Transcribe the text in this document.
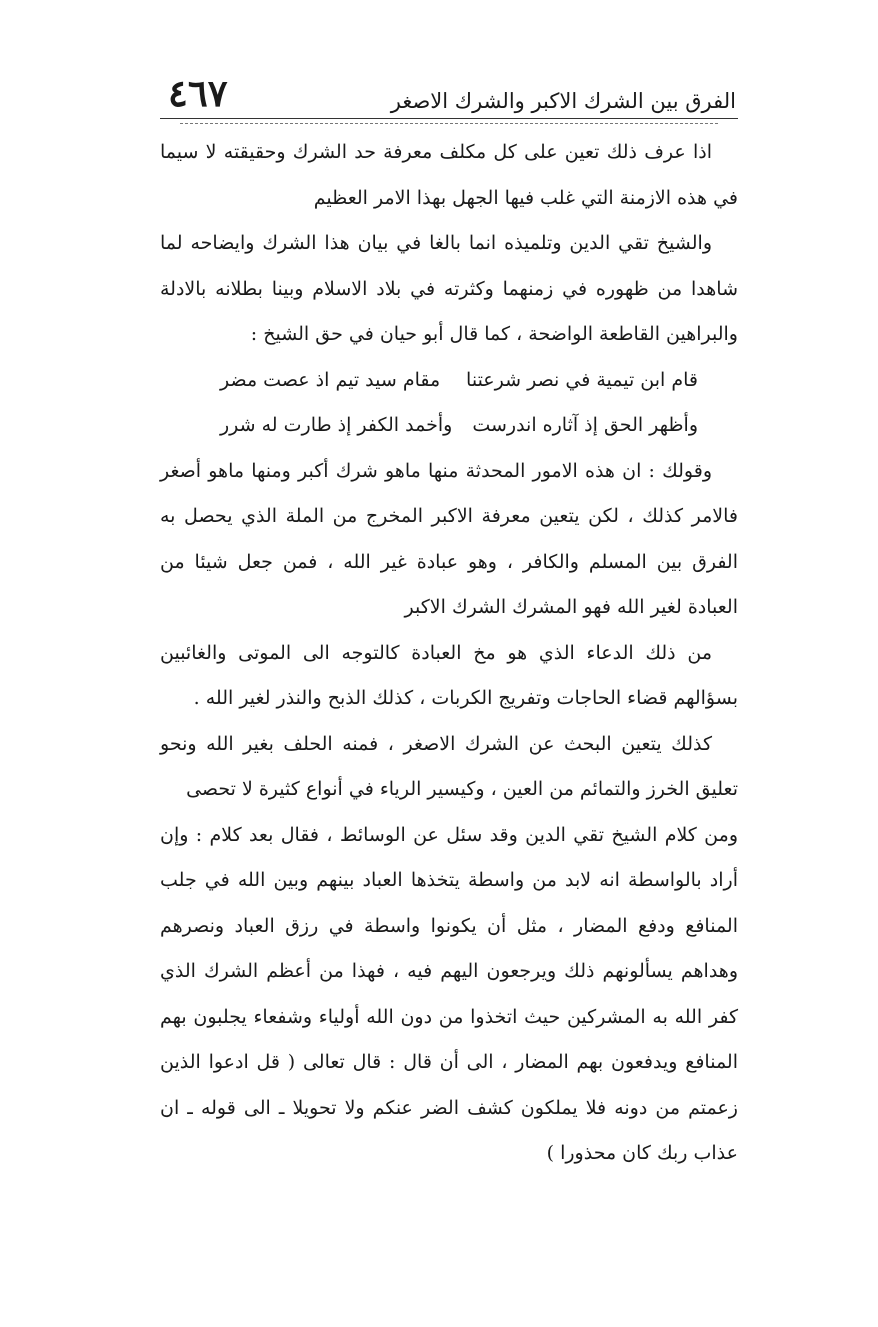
الفرق بين الشرك الاكبر والشرك الاصغر
٤٦٧

اذا عرف ذلك تعين على كل مكلف معرفة حد الشرك وحقيقته لا سيما في هذه الازمنة التي غلب فيها الجهل بهذا الامر العظيم

والشيخ تقي الدين وتلميذه انما بالغا في بيان هذا الشرك وايضاحه لما شاهدا من ظهوره في زمنهما وكثرته في بلاد الاسلام وبينا بطلانه بالادلة والبراهين القاطعة الواضحة ، كما قال أبو حيان في حق الشيخ :

قام ابن تيمية في نصر شرعتنا
مقام سيد تيم اذ عصت مضر
وأظهر الحق إذ آثاره اندرست
وأخمد الكفر إذ طارت له شرر

وقولك : ان هذه الامور المحدثة منها ماهو شرك أكبر ومنها ماهو أصغر فالامر كذلك ، لكن يتعين معرفة الاكبر المخرج من الملة الذي يحصل به الفرق بين المسلم والكافر ، وهو عبادة غير الله ، فمن جعل شيئا من العبادة لغير الله فهو المشرك الشرك الاكبر

من ذلك الدعاء الذي هو مخ العبادة كالتوجه الى الموتى والغائبين بسؤالهم قضاء الحاجات وتفريج الكربات ، كذلك الذبح والنذر لغير الله .

كذلك يتعين البحث عن الشرك الاصغر ، فمنه الحلف بغير الله ونحو تعليق الخرز والتمائم من العين ، وكيسير الرياء في أنواع كثيرة لا تحصى

ومن كلام الشيخ تقي الدين وقد سئل عن الوسائط ، فقال بعد كلام : وإن أراد بالواسطة انه لابد من واسطة يتخذها العباد بينهم وبين الله في جلب المنافع ودفع المضار ، مثل أن يكونوا واسطة في رزق العباد ونصرهم وهداهم يسألونهم ذلك ويرجعون اليهم فيه ، فهذا من أعظم الشرك الذي كفر الله به المشركين حيث اتخذوا من دون الله أولياء وشفعاء يجلبون بهم المنافع ويدفعون بهم المضار ، الى أن قال : قال تعالى ( قل ادعوا الذين زعمتم من دونه فلا يملكون كشف الضر عنكم ولا تحويلا ـ الى قوله ـ ان عذاب ربك كان محذورا )
